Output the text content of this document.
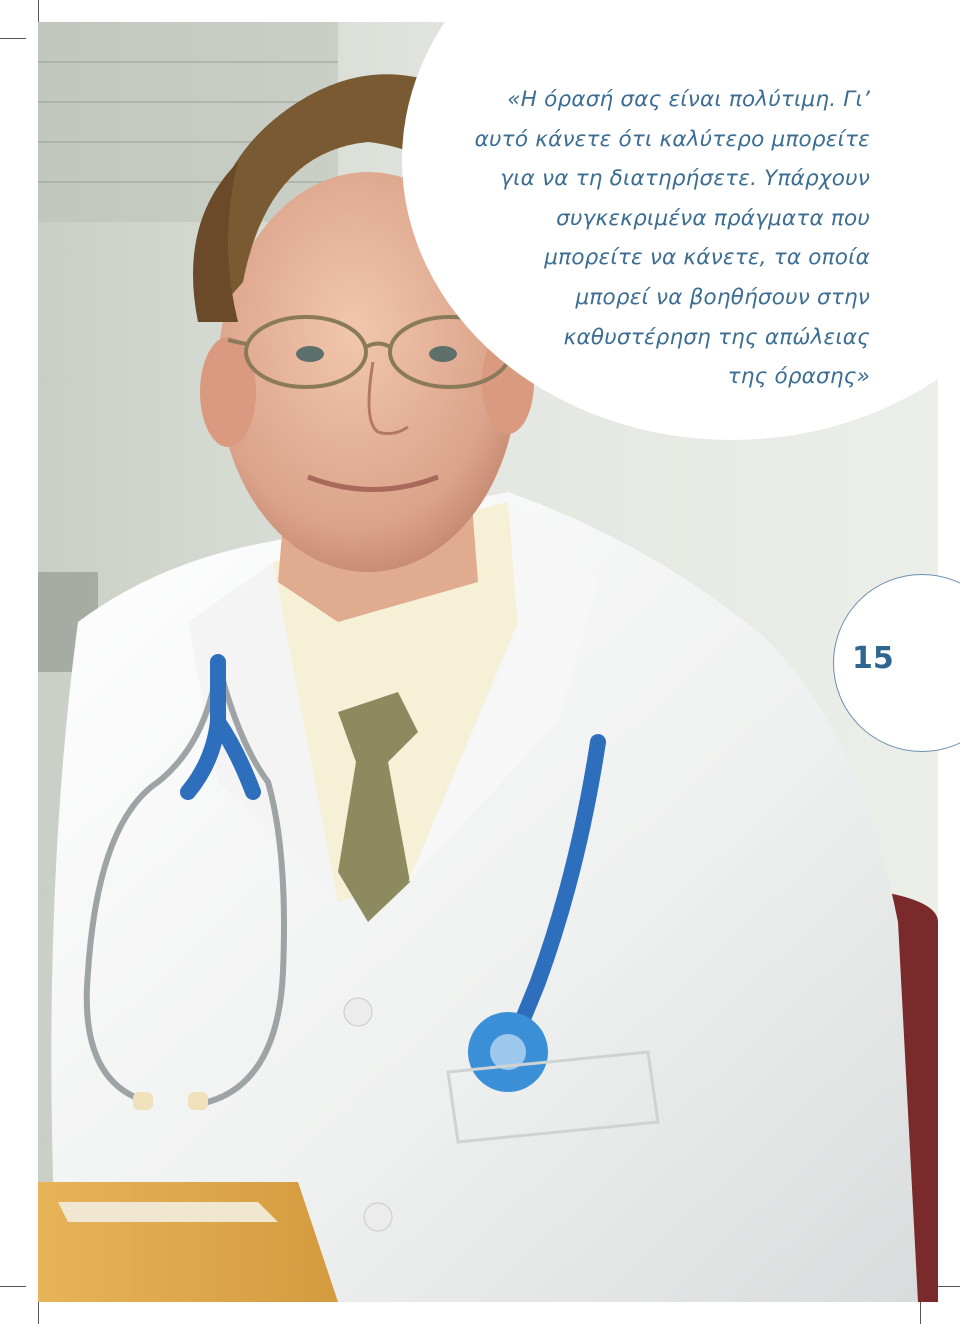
«Η όρασή σας είναι πολύτιμη. Γι’
αυτό κάνετε ότι καλύτερο μπορείτε
για να τη διατηρήσετε. Υπάρχουν
συγκεκριμένα πράγματα που
μπορείτε να κάνετε, τα οποία
μπορεί να βοηθήσουν στην
καθυστέρηση της απώλειας
της όρασης»
15
